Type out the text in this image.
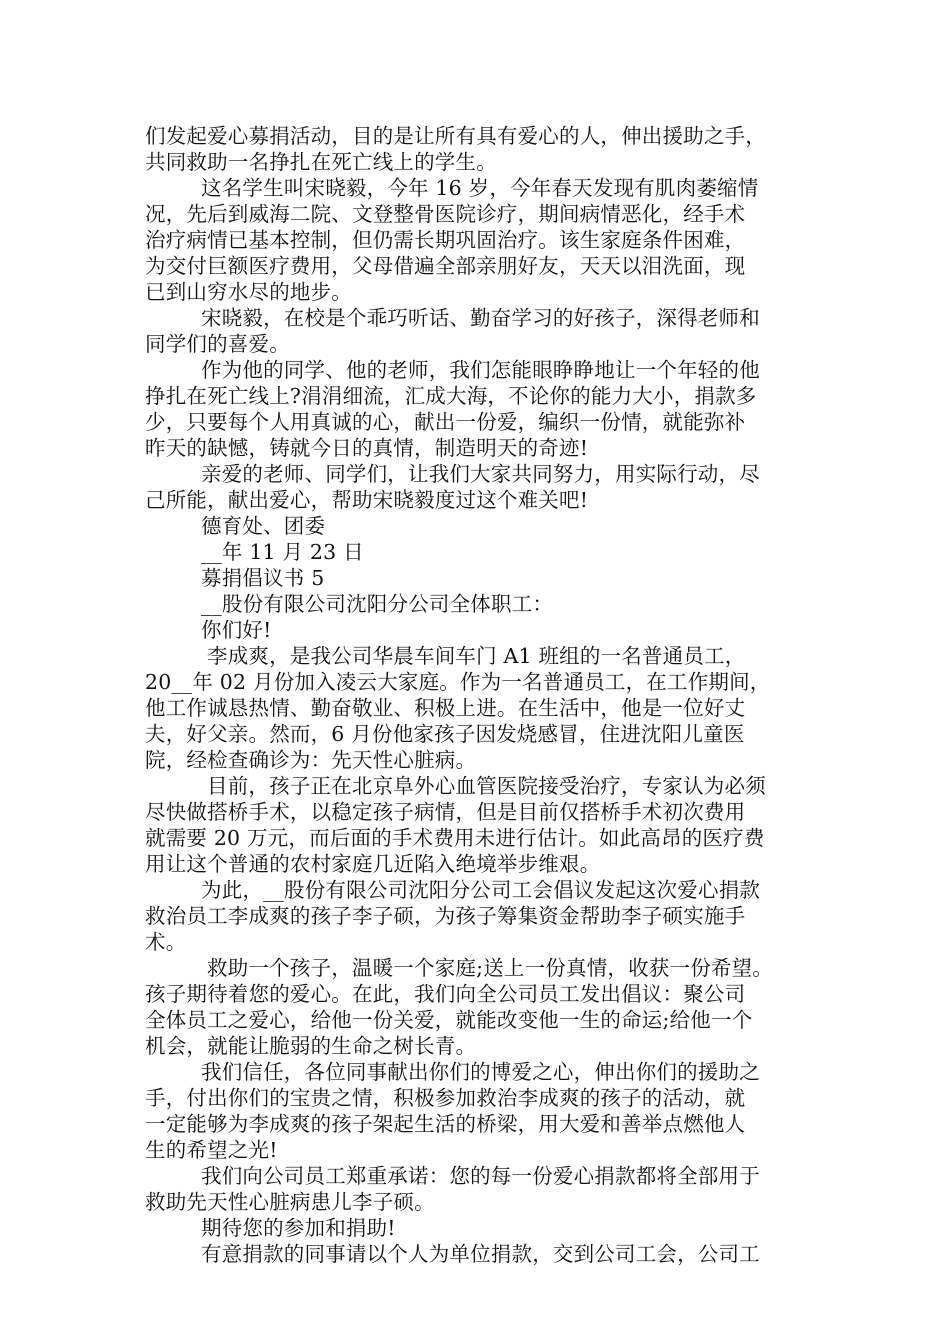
们发起爱心募捐活动，目的是让所有具有爱心的人，伸出援助之手，
共同救助一名挣扎在死亡线上的学生。
这名学生叫宋晓毅，今年 16 岁，今年春天发现有肌肉萎缩情
况，先后到威海二院、文登整骨医院诊疗，期间病情恶化，经手术
治疗病情已基本控制，但仍需长期巩固治疗。该生家庭条件困难，
为交付巨额医疗费用，父母借遍全部亲朋好友，天天以泪洗面，现
已到山穷水尽的地步。
宋晓毅，在校是个乖巧听话、勤奋学习的好孩子，深得老师和
同学们的喜爱。
作为他的同学、他的老师，我们怎能眼睁睁地让一个年轻的他
挣扎在死亡线上?涓涓细流，汇成大海，不论你的能力大小，捐款多
少，只要每个人用真诚的心，献出一份爱，编织一份情，就能弥补
昨天的缺憾，铸就今日的真情，制造明天的奇迹!
亲爱的老师、同学们，让我们大家共同努力，用实际行动，尽
己所能，献出爱心，帮助宋晓毅度过这个难关吧!
德育处、团委
__年 11 月 23 日
募捐倡议书 5
__股份有限公司沈阳分公司全体职工：
你们好!
李成爽，是我公司华晨车间车门 A1 班组的一名普通员工，
20__年 02 月份加入凌云大家庭。作为一名普通员工，在工作期间，
他工作诚恳热情、勤奋敬业、积极上进。在生活中，他是一位好丈
夫，好父亲。然而，6 月份他家孩子因发烧感冒，住进沈阳儿童医
院，经检查确诊为：先天性心脏病。
目前，孩子正在北京阜外心血管医院接受治疗，专家认为必须
尽快做搭桥手术，以稳定孩子病情，但是目前仅搭桥手术初次费用
就需要 20 万元，而后面的手术费用未进行估计。如此高昂的医疗费
用让这个普通的农村家庭几近陷入绝境举步维艰。
为此，__股份有限公司沈阳分公司工会倡议发起这次爱心捐款
救治员工李成爽的孩子李子硕，为孩子筹集资金帮助李子硕实施手
术。
救助一个孩子，温暖一个家庭;送上一份真情，收获一份希望。
孩子期待着您的爱心。在此，我们向全公司员工发出倡议：聚公司
全体员工之爱心，给他一份关爱，就能改变他一生的命运;给他一个
机会，就能让脆弱的生命之树长青。
我们信任，各位同事献出你们的博爱之心，伸出你们的援助之
手，付出你们的宝贵之情，积极参加救治李成爽的孩子的活动，就
一定能够为李成爽的孩子架起生活的桥梁，用大爱和善举点燃他人
生的希望之光!
我们向公司员工郑重承诺：您的每一份爱心捐款都将全部用于
救助先天性心脏病患儿李子硕。
期待您的参加和捐助!
有意捐款的同事请以个人为单位捐款，交到公司工会，公司工
